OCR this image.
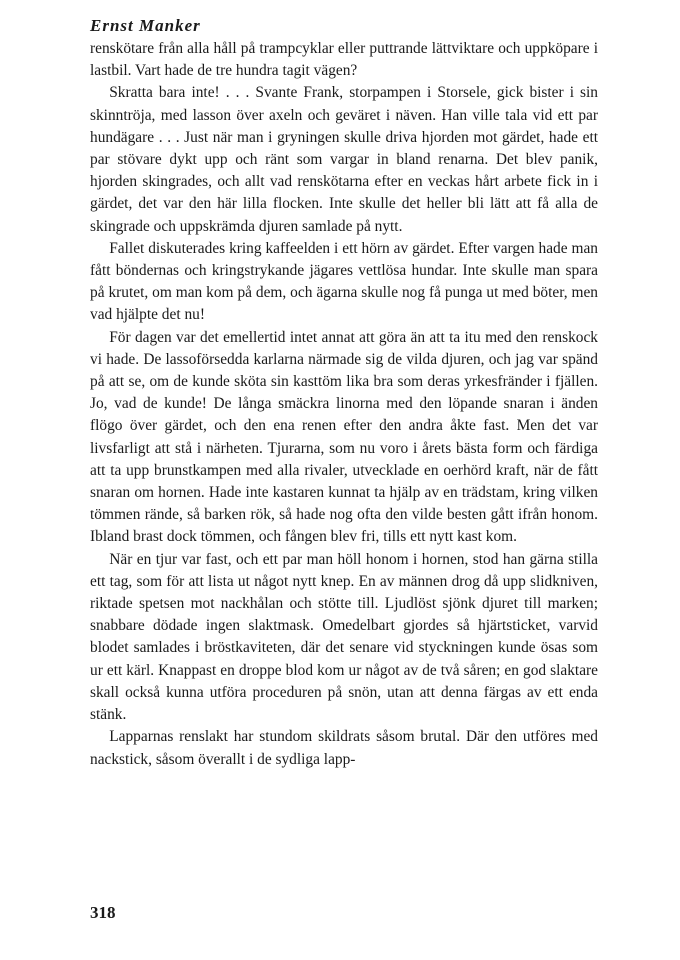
Ernst Manker

renskötare från alla håll på trampcyklar eller puttrande lättviktare och uppköpare i lastbil. Vart hade de tre hundra tagit vägen?

Skratta bara inte! . . . Svante Frank, storpampen i Storsele, gick bister i sin skinntröja, med lasson över axeln och geväret i näven. Han ville tala vid ett par hundägare . . . Just när man i gryningen skulle driva hjorden mot gärdet, hade ett par stövare dykt upp och ränt som vargar in bland renarna. Det blev panik, hjorden skingrades, och allt vad renskötarna efter en veckas hårt arbete fick in i gärdet, det var den här lilla flocken. Inte skulle det heller bli lätt att få alla de skingrade och uppskrämda djuren samlade på nytt.

Fallet diskuterades kring kaffeelden i ett hörn av gärdet. Efter vargen hade man fått böndernas och kringstrykande jägares vettlösa hundar. Inte skulle man spara på krutet, om man kom på dem, och ägarna skulle nog få punga ut med böter, men vad hjälpte det nu!

För dagen var det emellertid intet annat att göra än att ta itu med den renskock vi hade. De lassoförsedda karlarna närmade sig de vilda djuren, och jag var spänd på att se, om de kunde sköta sin kasttöm lika bra som deras yrkesfränder i fjällen. Jo, vad de kunde! De långa smäckra linorna med den löpande snaran i änden flögo över gärdet, och den ena renen efter den andra åkte fast. Men det var livsfarligt att stå i närheten. Tjurarna, som nu voro i årets bästa form och färdiga att ta upp brunstkampen med alla rivaler, utvecklade en oerhörd kraft, när de fått snaran om hornen. Hade inte kastaren kunnat ta hjälp av en trädstam, kring vilken tömmen rände, så barken rök, så hade nog ofta den vilde besten gått ifrån honom. Ibland brast dock tömmen, och fången blev fri, tills ett nytt kast kom.

När en tjur var fast, och ett par man höll honom i hornen, stod han gärna stilla ett tag, som för att lista ut något nytt knep. En av männen drog då upp slidkniven, riktade spetsen mot nackhålan och stötte till. Ljudlöst sjönk djuret till marken; snabbare dödade ingen slaktmask. Omedelbart gjordes så hjärtsticket, varvid blodet samlades i bröstkaviteten, där det senare vid styckningen kunde ösas som ur ett kärl. Knappast en droppe blod kom ur något av de två såren; en god slaktare skall också kunna utföra proceduren på snön, utan att denna färgas av ett enda stänk.

Lapparnas renslakt har stundom skildrats såsom brutal. Där den utföres med nackstick, såsom överallt i de sydliga lapp-

318
